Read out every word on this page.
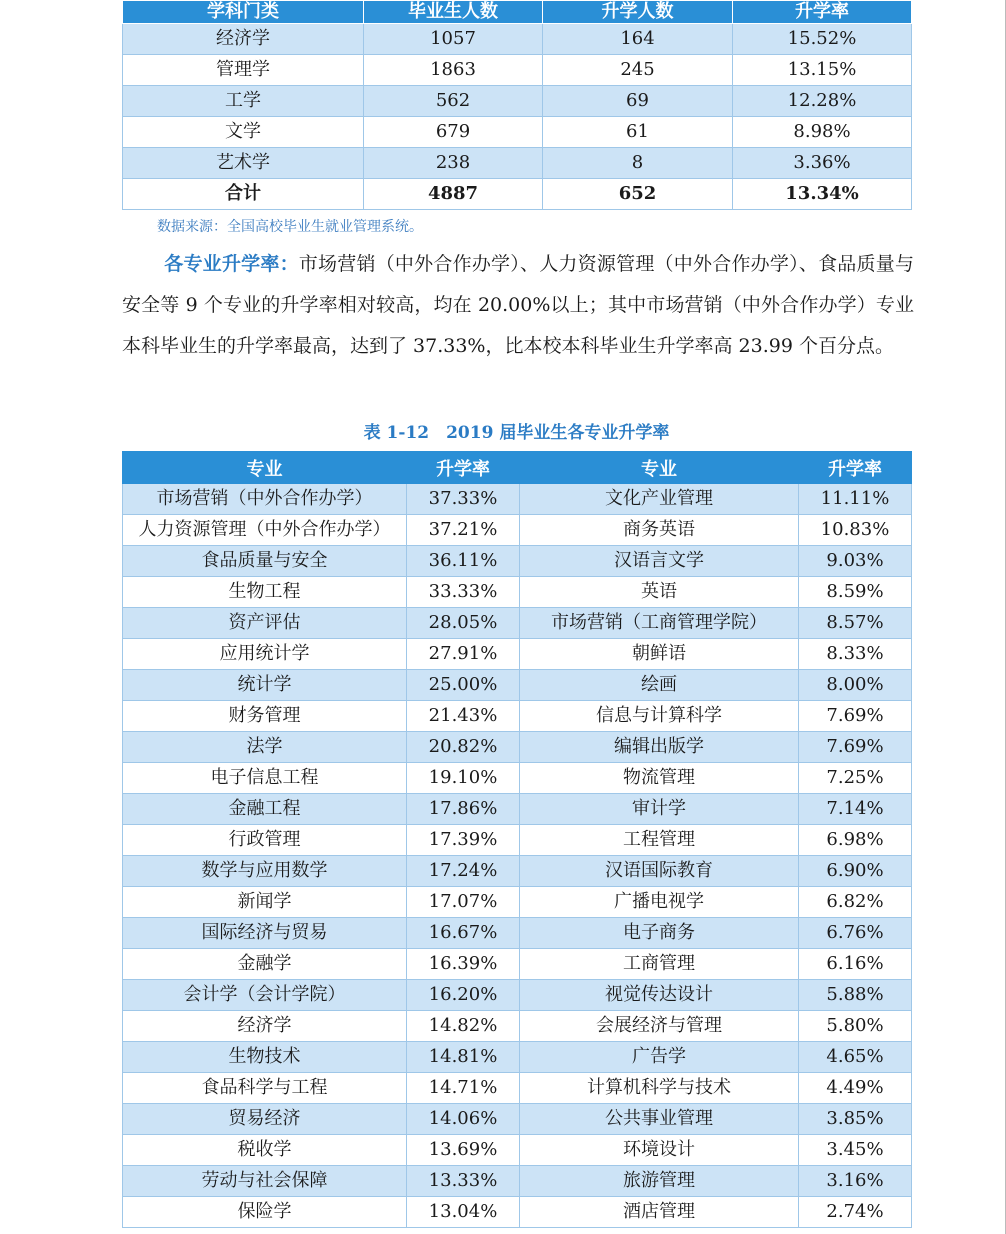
学科门类	毕业生人数	升学人数	升学率
经济学	1057	164	15.52%
管理学	1863	245	13.15%
工学	562	69	12.28%
文学	679	61	8.98%
艺术学	238	8	3.36%
合计	4887	652	13.34%
数据来源：全国高校毕业生就业管理系统。
各专业升学率：市场营销（中外合作办学）、人力资源管理（中外合作办学）、食品质量与安全等 9 个专业的升学率相对较高，均在 20.00%以上；其中市场营销（中外合作办学）专业本科毕业生的升学率最高，达到了 37.33%，比本校本科毕业生升学率高 23.99 个百分点。
表 1-12　2019 届毕业生各专业升学率
专业	升学率	专业	升学率
市场营销（中外合作办学）	37.33%	文化产业管理	11.11%
人力资源管理（中外合作办学）	37.21%	商务英语	10.83%
食品质量与安全	36.11%	汉语言文学	9.03%
生物工程	33.33%	英语	8.59%
资产评估	28.05%	市场营销（工商管理学院）	8.57%
应用统计学	27.91%	朝鲜语	8.33%
统计学	25.00%	绘画	8.00%
财务管理	21.43%	信息与计算科学	7.69%
法学	20.82%	编辑出版学	7.69%
电子信息工程	19.10%	物流管理	7.25%
金融工程	17.86%	审计学	7.14%
行政管理	17.39%	工程管理	6.98%
数学与应用数学	17.24%	汉语国际教育	6.90%
新闻学	17.07%	广播电视学	6.82%
国际经济与贸易	16.67%	电子商务	6.76%
金融学	16.39%	工商管理	6.16%
会计学（会计学院）	16.20%	视觉传达设计	5.88%
经济学	14.82%	会展经济与管理	5.80%
生物技术	14.81%	广告学	4.65%
食品科学与工程	14.71%	计算机科学与技术	4.49%
贸易经济	14.06%	公共事业管理	3.85%
税收学	13.69%	环境设计	3.45%
劳动与社会保障	13.33%	旅游管理	3.16%
保险学	13.04%	酒店管理	2.74%
